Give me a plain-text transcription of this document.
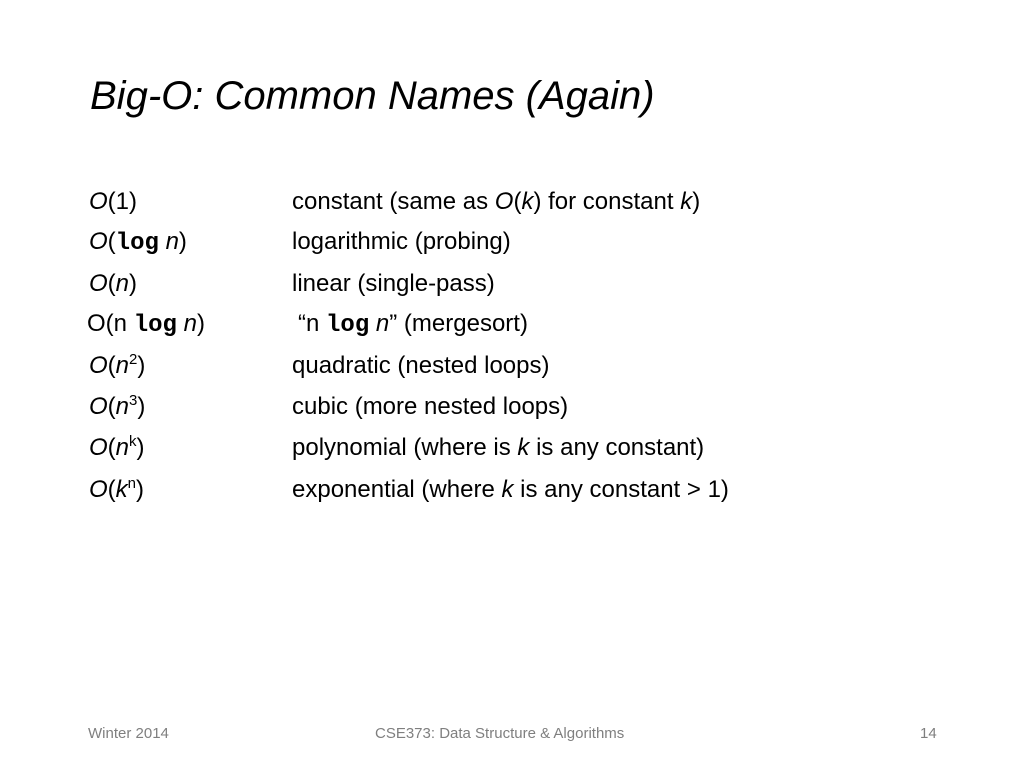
Big-O: Common Names (Again)
O(1)	constant (same as O(k) for constant k)
O(log n)	logarithmic (probing)
O(n)	linear (single-pass)
O(n log n)	“n log n” (mergesort)
$O(n^2)$	quadratic (nested loops)
$O(n^3)$	cubic (more nested loops)
$O(n^k)$	polynomial (where is k is any constant)
$O(k^n)$	exponential (where k is any constant > 1)
Winter 2014	CSE373: Data Structure & Algorithms	14
